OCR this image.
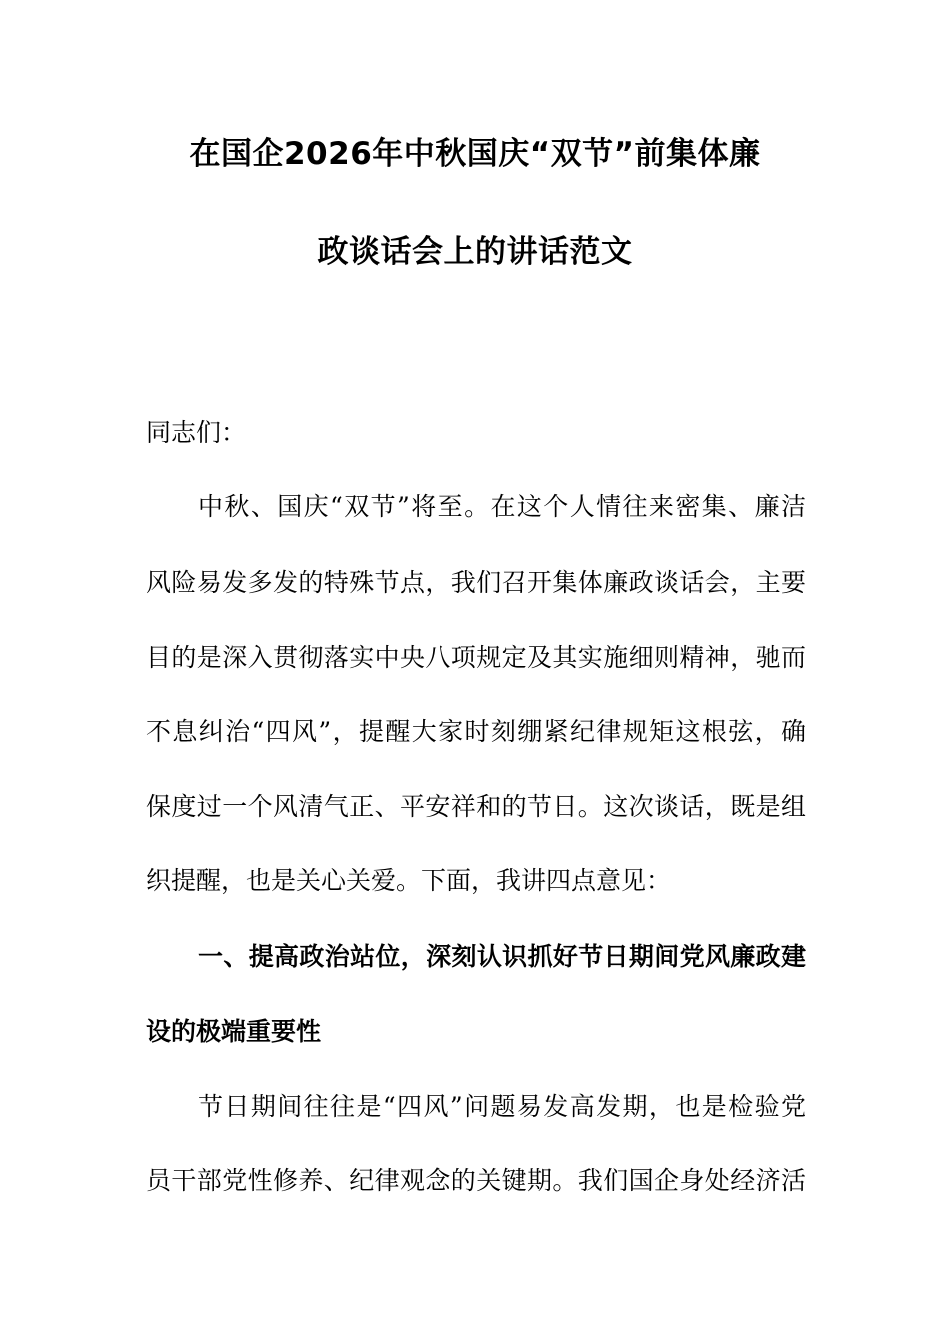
在国企2026年中秋国庆“双节”前集体廉
政谈话会上的讲话范文

同志们：

中秋、国庆“双节”将至。在这个人情往来密集、廉洁

风险易发多发的特殊节点，我们召开集体廉政谈话会，主要

目的是深入贯彻落实中央八项规定及其实施细则精神，驰而

不息纠治“四风”，提醒大家时刻绷紧纪律规矩这根弦，确

保度过一个风清气正、平安祥和的节日。这次谈话，既是组

织提醒，也是关心关爱。下面，我讲四点意见：

一、提高政治站位，深刻认识抓好节日期间党风廉政建

设的极端重要性

节日期间往往是“四风”问题易发高发期，也是检验党

员干部党性修养、纪律观念的关键期。我们国企身处经济活
